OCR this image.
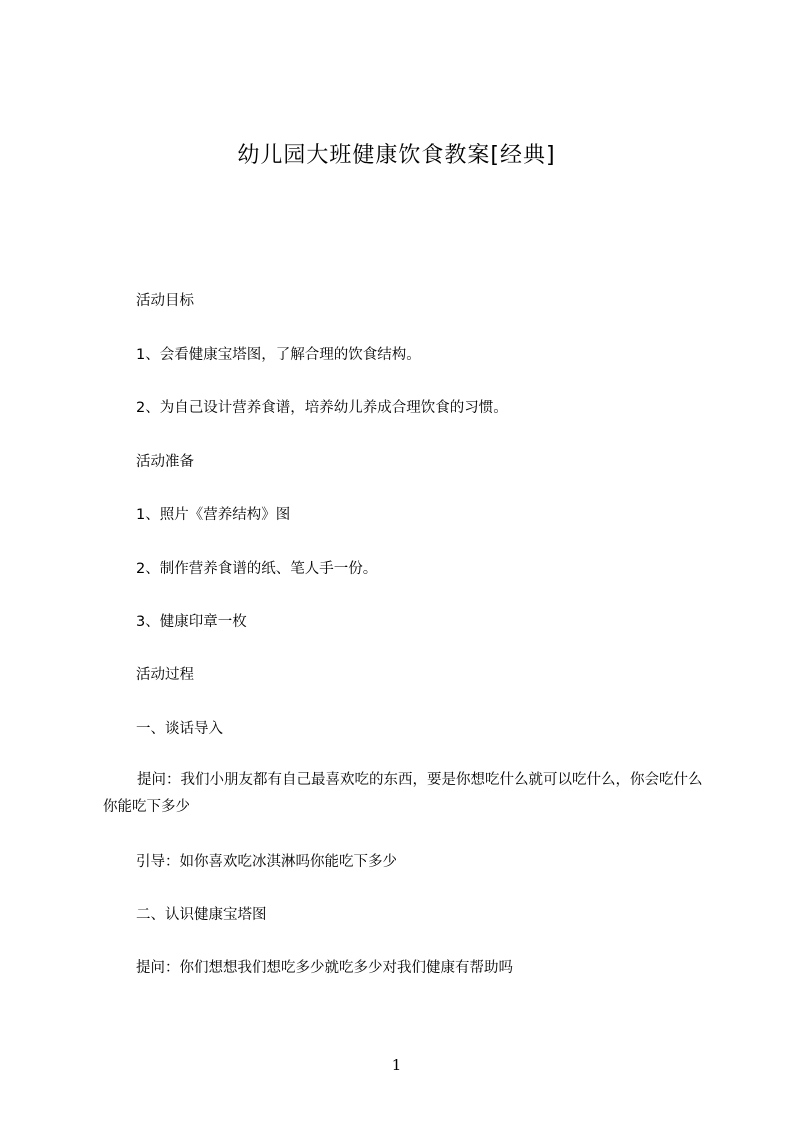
幼儿园大班健康饮食教案[经典]
活动目标
1、会看健康宝塔图，了解合理的饮食结构。
2、为自己设计营养食谱，培养幼儿养成合理饮食的习惯。
活动准备
1、照片《营养结构》图
2、制作营养食谱的纸、笔人手一份。
3、健康印章一枚
活动过程
一、谈话导入
提问：我们小朋友都有自己最喜欢吃的东西，要是你想吃什么就可以吃什么，你会吃什么你能吃下多少
引导：如你喜欢吃冰淇淋吗你能吃下多少
二、认识健康宝塔图
提问：你们想想我们想吃多少就吃多少对我们健康有帮助吗
1
